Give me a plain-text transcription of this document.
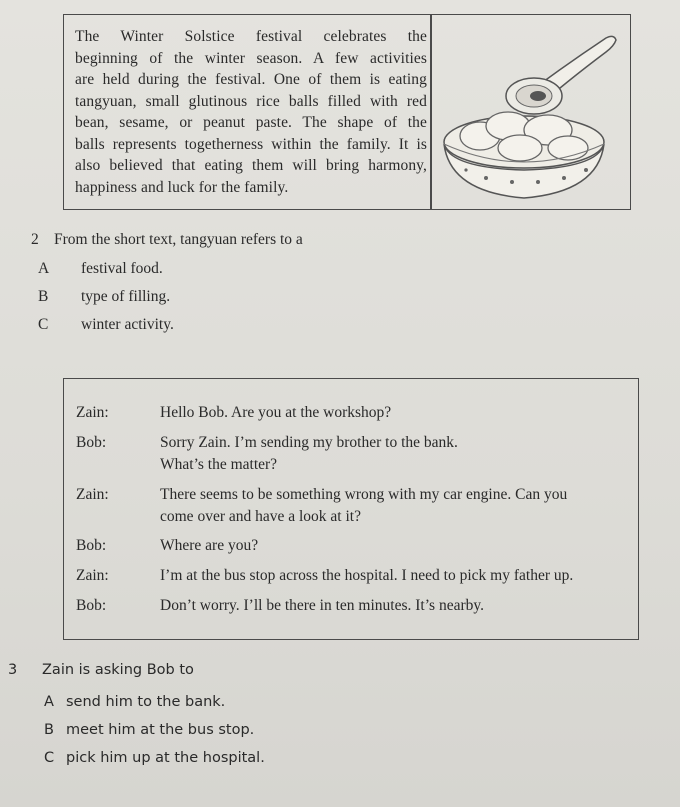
The Winter Solstice festival celebrates the
beginning of the winter season. A few activities
are held during the festival. One of them is eating
tangyuan, small glutinous rice balls filled with red
bean, sesame, or peanut paste. The shape of the
balls represents togetherness within the family. It is
also believed that eating them will bring harmony,
happiness and luck for the family.
2 From the short text, tangyuan refers to a
A festival food.
B type of filling.
C winter activity.
Zain:	Hello Bob. Are you at the workshop?
Bob:	Sorry Zain. I’m sending my brother to the bank.
What’s the matter?
Zain:	There seems to be something wrong with my car engine. Can you
come over and have a look at it?
Bob:	Where are you?
Zain:	I’m at the bus stop across the hospital. I need to pick my father up.
Bob:	Don’t worry. I’ll be there in ten minutes. It’s nearby.
3 Zain is asking Bob to
A send him to the bank.
B meet him at the bus stop.
C pick him up at the hospital.
